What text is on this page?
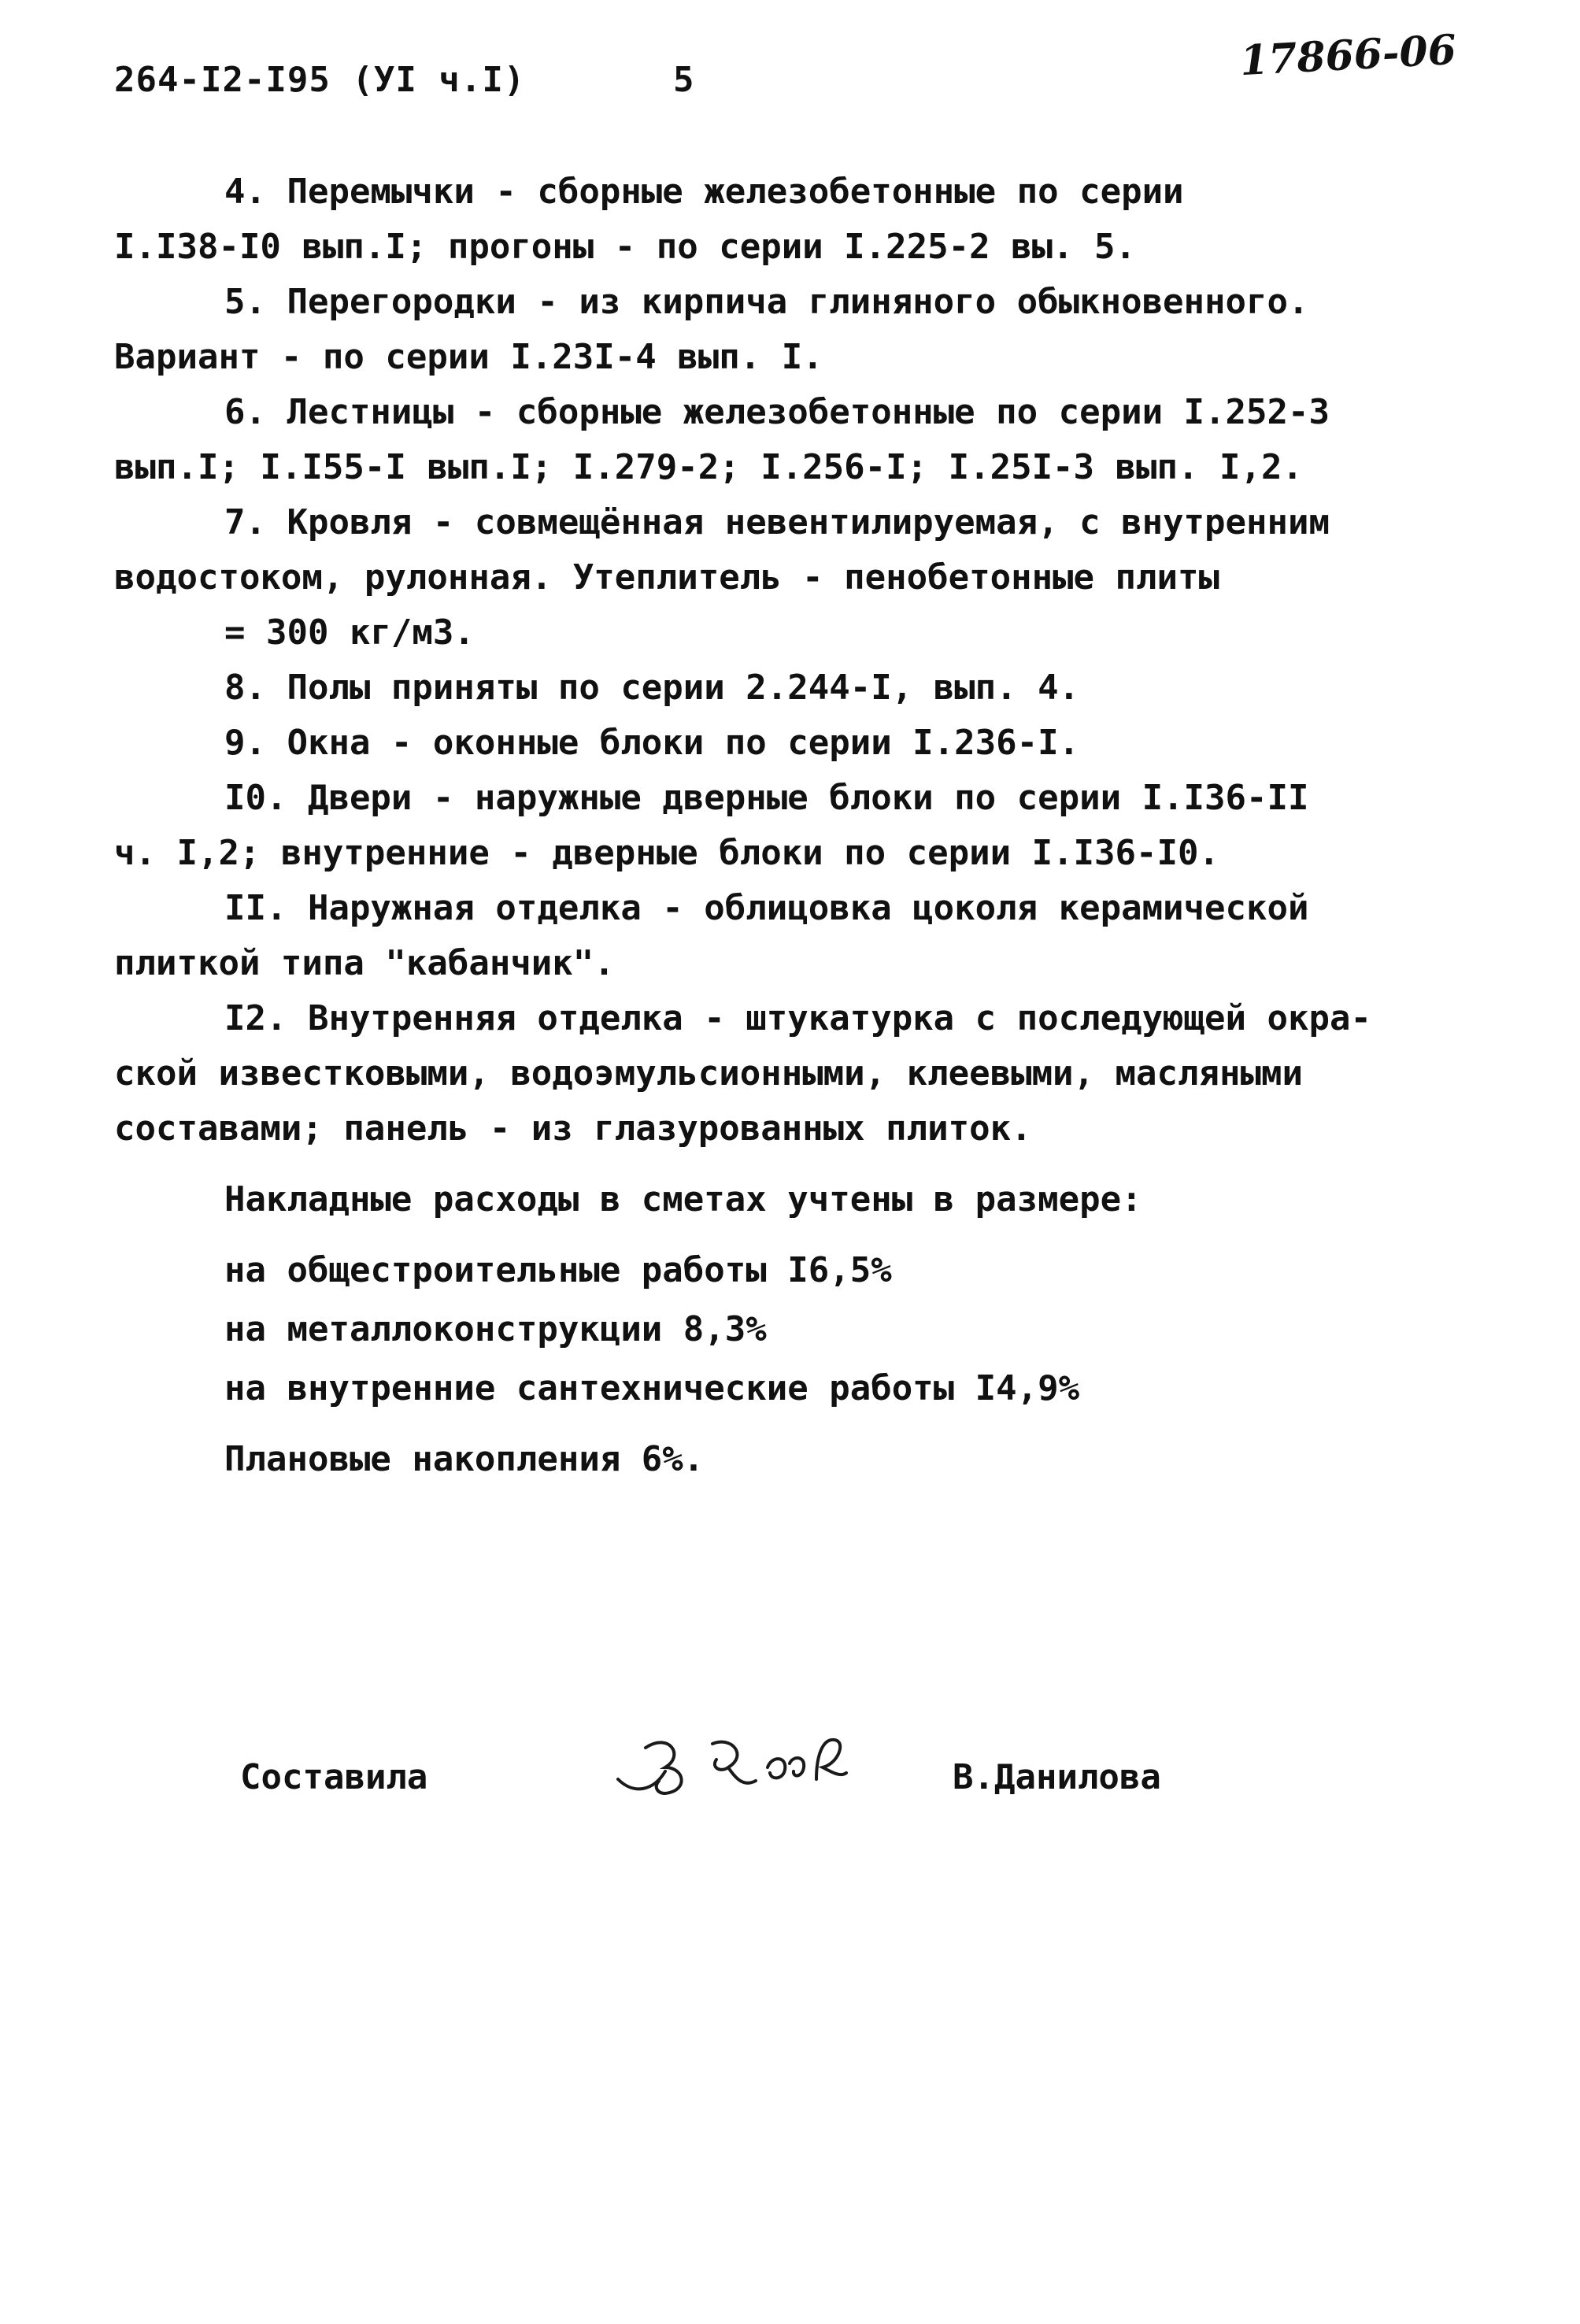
264-I2-I95 (УI ч.I)	5	17866-06
4. Перемычки - сборные железобетонные по серии
I.I38-I0 вып.I; прогоны - по серии I.225-2 вы. 5.
5. Перегородки - из кирпича глиняного обыкновенного.
Вариант - по серии I.23I-4 вып. I.
6. Лестницы - сборные железобетонные по серии I.252-3
вып.I; I.I55-I вып.I; I.279-2; I.256-I; I.25I-3 вып. I,2.
7. Кровля - совмещённая невентилируемая, с внутренним
водостоком, рулонная. Утеплитель - пенобетонные плиты
= 300 кг/м3.
8. Полы приняты по серии 2.244-I, вып. 4.
9. Окна - оконные блоки по серии I.236-I.
I0. Двери - наружные дверные блоки по серии I.I36-II
ч. I,2; внутренние - дверные блоки по серии I.I36-I0.
II. Наружная отделка - облицовка цоколя керамической
плиткой типа "кабанчик".
I2. Внутренняя отделка - штукатурка с последующей окра-
ской известковыми, водоэмульсионными, клеевыми, масляными
составами; панель - из глазурованных плиток.
Накладные расходы в сметах учтены в размере:
на общестроительные работы I6,5%
на металлоконструкции 8,3%
на внутренние сантехнические работы I4,9%
Плановые накопления 6%.
Составила	В.Данилова
